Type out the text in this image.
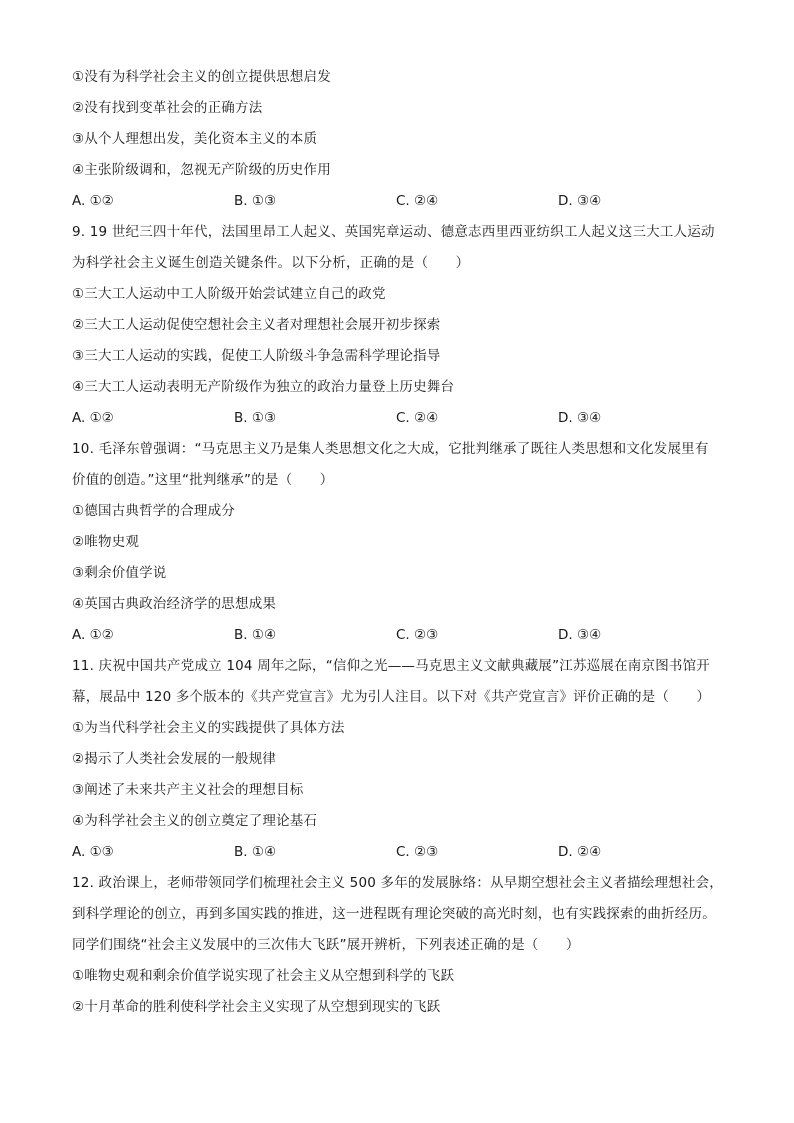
①没有为科学社会主义的创立提供思想启发
②没有找到变革社会的正确方法
③从个人理想出发，美化资本主义的本质
④主张阶级调和，忽视无产阶级的历史作用
A. ①②	B. ①③	C. ②④	D. ③④
9. 19 世纪三四十年代，法国里昂工人起义、英国宪章运动、德意志西里西亚纺织工人起义这三大工人运动
为科学社会主义诞生创造关键条件。以下分析，正确的是（　　）
①三大工人运动中工人阶级开始尝试建立自己的政党
②三大工人运动促使空想社会主义者对理想社会展开初步探索
③三大工人运动的实践，促使工人阶级斗争急需科学理论指导
④三大工人运动表明无产阶级作为独立的政治力量登上历史舞台
A. ①②	B. ①③	C. ②④	D. ③④
10. 毛泽东曾强调：“马克思主义乃是集人类思想文化之大成，它批判继承了既往人类思想和文化发展里有
价值的创造。”这里“批判继承”的是（　　）
①德国古典哲学的合理成分
②唯物史观
③剩余价值学说
④英国古典政治经济学的思想成果
A. ①②	B. ①④	C. ②③	D. ③④
11. 庆祝中国共产党成立 104 周年之际，“信仰之光——马克思主义文献典藏展”江苏巡展在南京图书馆开
幕，展品中 120 多个版本的《共产党宣言》尤为引人注目。以下对《共产党宣言》评价正确的是（　　）
①为当代科学社会主义的实践提供了具体方法
②揭示了人类社会发展的一般规律
③阐述了未来共产主义社会的理想目标
④为科学社会主义的创立奠定了理论基石
A. ①③	B. ①④	C. ②③	D. ②④
12. 政治课上，老师带领同学们梳理社会主义 500 多年的发展脉络：从早期空想社会主义者描绘理想社会，
到科学理论的创立，再到多国实践的推进，这一进程既有理论突破的高光时刻，也有实践探索的曲折经历。
同学们围绕“社会主义发展中的三次伟大飞跃”展开辨析，下列表述正确的是（　　）
①唯物史观和剩余价值学说实现了社会主义从空想到科学的飞跃
②十月革命的胜利使科学社会主义实现了从空想到现实的飞跃
